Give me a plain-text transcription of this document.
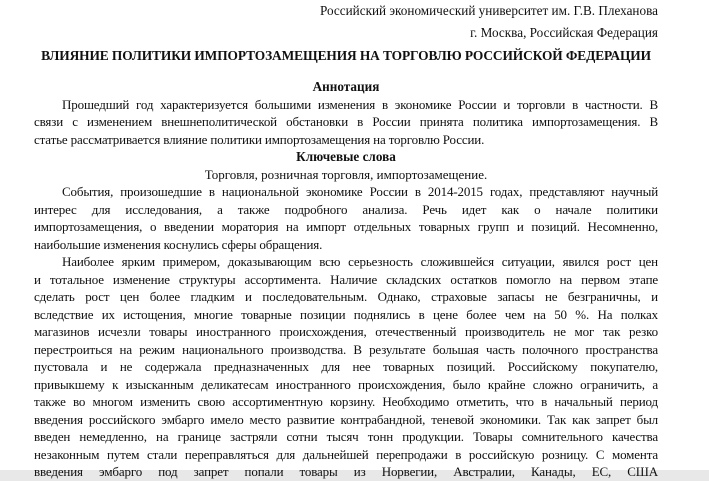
Российский экономический университет им. Г.В. Плеханова
г. Москва, Российская Федерация
ВЛИЯНИЕ ПОЛИТИКИ ИМПОРТОЗАМЕЩЕНИЯ НА ТОРГОВЛЮ РОССИЙСКОЙ ФЕДЕРАЦИИ
Аннотация
Прошедший год характеризуется большими изменения в экономике России и торговли в частности. В
связи с изменением внешнеполитической обстановки в России принята политика импортозамещения. В
статье рассматривается влияние политики импортозамещения на торговлю России.
Ключевые слова
Торговля, розничная торговля, импортозамещение.
События, произошедшие в национальной экономике России в 2014-2015 годах, представляют научный
интерес для исследования, а также подробного анализа. Речь идет как о начале политики
импортозамещения, о введении моратория на импорт отдельных товарных групп и позиций. Несомненно,
наибольшие изменения коснулись сферы обращения.
Наиболее ярким примером, доказывающим всю серьезность сложившейся ситуации, явился рост цен
и тотальное изменение структуры ассортимента. Наличие складских остатков помогло на первом этапе
сделать рост цен более гладким и последовательным. Однако, страховые запасы не безграничны, и
вследствие их истощения, многие товарные позиции поднялись в цене более чем на 50 %. На полках
магазинов исчезли товары иностранного происхождения, отечественный производитель не мог так резко
перестроиться на режим национального производства. В результате большая часть полочного пространства
пустовала и не содержала предназначенных для нее товарных позиций. Российскому покупателю,
привыкшему к изысканным деликатесам иностранного происхождения, было крайне сложно ограничить, а
также во многом изменить свою ассортиментную корзину. Необходимо отметить, что в начальный период
введения российского эмбарго имело место развитие контрабандной, теневой экономики. Так как запрет был
введен немедленно, на границе застряли сотни тысяч тонн продукции. Товары сомнительного качества
незаконным путем стали переправляться для дальнейшей перепродажи в российскую розницу. С момента
введения эмбарго под запрет попали товары из Норвегии, Австралии, Канады, ЕС, США
